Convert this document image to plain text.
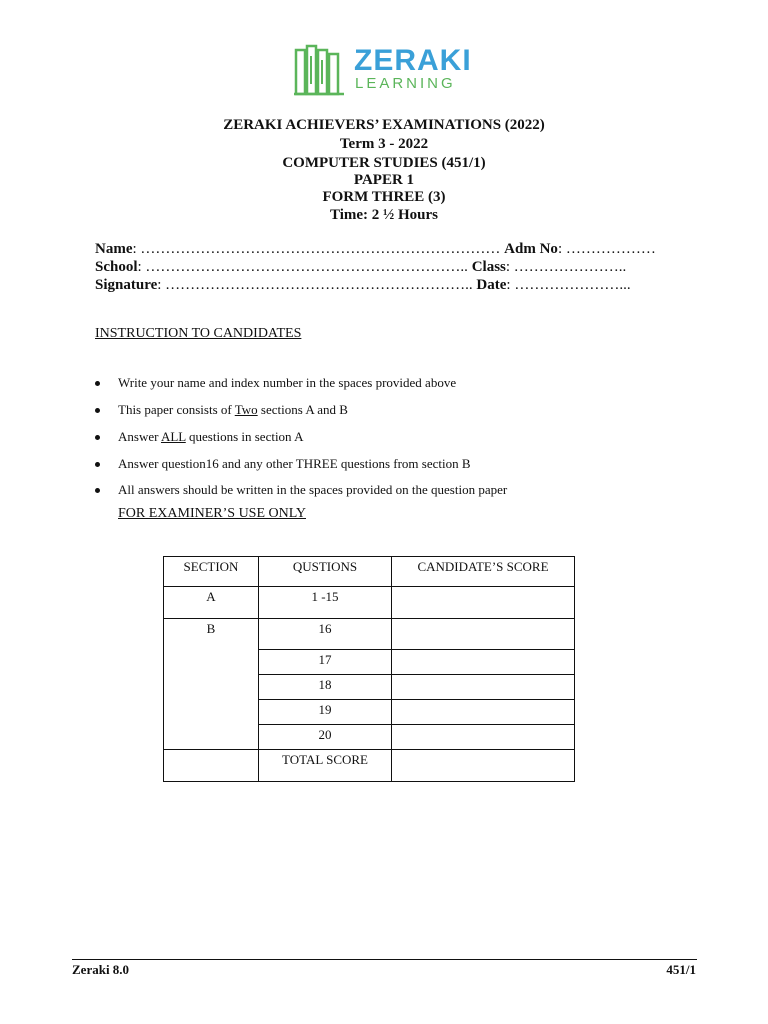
ZERAKI
LEARNING
ZERAKI ACHIEVERS’ EXAMINATIONS (2022)
Term 3 - 2022
COMPUTER STUDIES (451/1)
PAPER 1
FORM THREE (3)
Time: 2 ½ Hours
Name: ……………………………………………………………… Adm No: ………………
School: ……………………………………………………….. Class: …………………..
Signature: …………………………………………………….. Date: …………………...
INSTRUCTION TO CANDIDATES
Write your name and index number in the spaces provided above
This paper consists of Two sections A and B
Answer ALL questions in section A
Answer question16 and any other THREE questions from section B
All answers should be written in the spaces provided on the question paper
FOR EXAMINER’S USE ONLY
SECTION	QUSTIONS	CANDIDATE’S SCORE
A	1 -15	
B	16	
	17	
	18	
	19	
	20	
	TOTAL SCORE	
Zeraki 8.0	451/1
